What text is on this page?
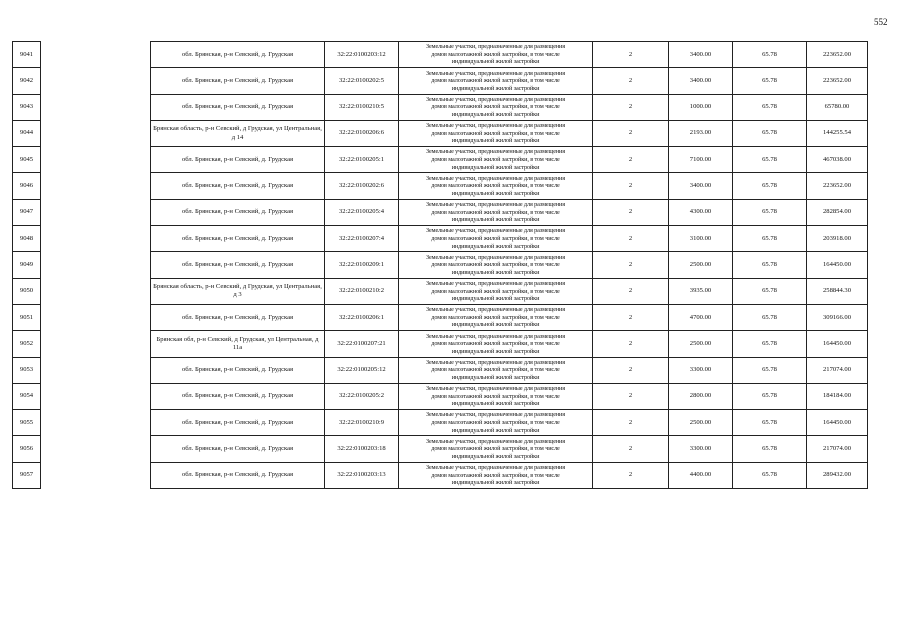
552
9041		обл. Брянская, р-н Севский, д. Грудская	32:22:0100203:12	Земельные участки, предназначенные для размещения
домов малоэтажной жилой застройки, в том числе
индивидуальной жилой застройки	2	3400.00	65.78	223652.00
9042		обл. Брянская, р-н Севский, д. Грудская	32:22:0100202:5	Земельные участки, предназначенные для размещения
домов малоэтажной жилой застройки, в том числе
индивидуальной жилой застройки	2	3400.00	65.78	223652.00
9043		обл. Брянская, р-н Севский, д. Грудская	32:22:0100210:5	Земельные участки, предназначенные для размещения
домов малоэтажной жилой застройки, в том числе
индивидуальной жилой застройки	2	1000.00	65.78	65780.00
9044		Брянская область, р-н Севский, д Грудская, ул Центральная, д 14	32:22:0100206:6	Земельные участки, предназначенные для размещения
домов малоэтажной жилой застройки, в том числе
индивидуальной жилой застройки	2	2193.00	65.78	144255.54
9045		обл. Брянская, р-н Севский, д. Грудская	32:22:0100205:1	Земельные участки, предназначенные для размещения
домов малоэтажной жилой застройки, в том числе
индивидуальной жилой застройки	2	7100.00	65.78	467038.00
9046		обл. Брянская, р-н Севский, д. Грудская	32:22:0100202:6	Земельные участки, предназначенные для размещения
домов малоэтажной жилой застройки, в том числе
индивидуальной жилой застройки	2	3400.00	65.78	223652.00
9047		обл. Брянская, р-н Севский, д. Грудская	32:22:0100205:4	Земельные участки, предназначенные для размещения
домов малоэтажной жилой застройки, в том числе
индивидуальной жилой застройки	2	4300.00	65.78	282854.00
9048		обл. Брянская, р-н Севский, д. Грудская	32:22:0100207:4	Земельные участки, предназначенные для размещения
домов малоэтажной жилой застройки, в том числе
индивидуальной жилой застройки	2	3100.00	65.78	203918.00
9049		обл. Брянская, р-н Севский, д. Грудская	32:22:0100209:1	Земельные участки, предназначенные для размещения
домов малоэтажной жилой застройки, в том числе
индивидуальной жилой застройки	2	2500.00	65.78	164450.00
9050		Брянская область, р-н Севский, д Грудская, ул Центральная, д 3	32:22:0100210:2	Земельные участки, предназначенные для размещения
домов малоэтажной жилой застройки, в том числе
индивидуальной жилой застройки	2	3935.00	65.78	258844.30
9051		обл. Брянская, р-н Севский, д. Грудская	32:22:0100206:1	Земельные участки, предназначенные для размещения
домов малоэтажной жилой застройки, в том числе
индивидуальной жилой застройки	2	4700.00	65.78	309166.00
9052		Брянская обл, р-н Севский, д Грудская, ул Центральная, д 11а	32:22:0100207:21	Земельные участки, предназначенные для размещения
домов малоэтажной жилой застройки, в том числе
индивидуальной жилой застройки	2	2500.00	65.78	164450.00
9053		обл. Брянская, р-н Севский, д. Грудская	32:22:0100205:12	Земельные участки, предназначенные для размещения
домов малоэтажной жилой застройки, в том числе
индивидуальной жилой застройки	2	3300.00	65.78	217074.00
9054		обл. Брянская, р-н Севский, д. Грудская	32:22:0100205:2	Земельные участки, предназначенные для размещения
домов малоэтажной жилой застройки, в том числе
индивидуальной жилой застройки	2	2800.00	65.78	184184.00
9055		обл. Брянская, р-н Севский, д. Грудская	32:22:0100210:9	Земельные участки, предназначенные для размещения
домов малоэтажной жилой застройки, в том числе
индивидуальной жилой застройки	2	2500.00	65.78	164450.00
9056		обл. Брянская, р-н Севский, д. Грудская	32:22:0100203:18	Земельные участки, предназначенные для размещения
домов малоэтажной жилой застройки, в том числе
индивидуальной жилой застройки	2	3300.00	65.78	217074.00
9057		обл. Брянская, р-н Севский, д. Грудская	32:22:0100203:13	Земельные участки, предназначенные для размещения
домов малоэтажной жилой застройки, в том числе
индивидуальной жилой застройки	2	4400.00	65.78	289432.00
